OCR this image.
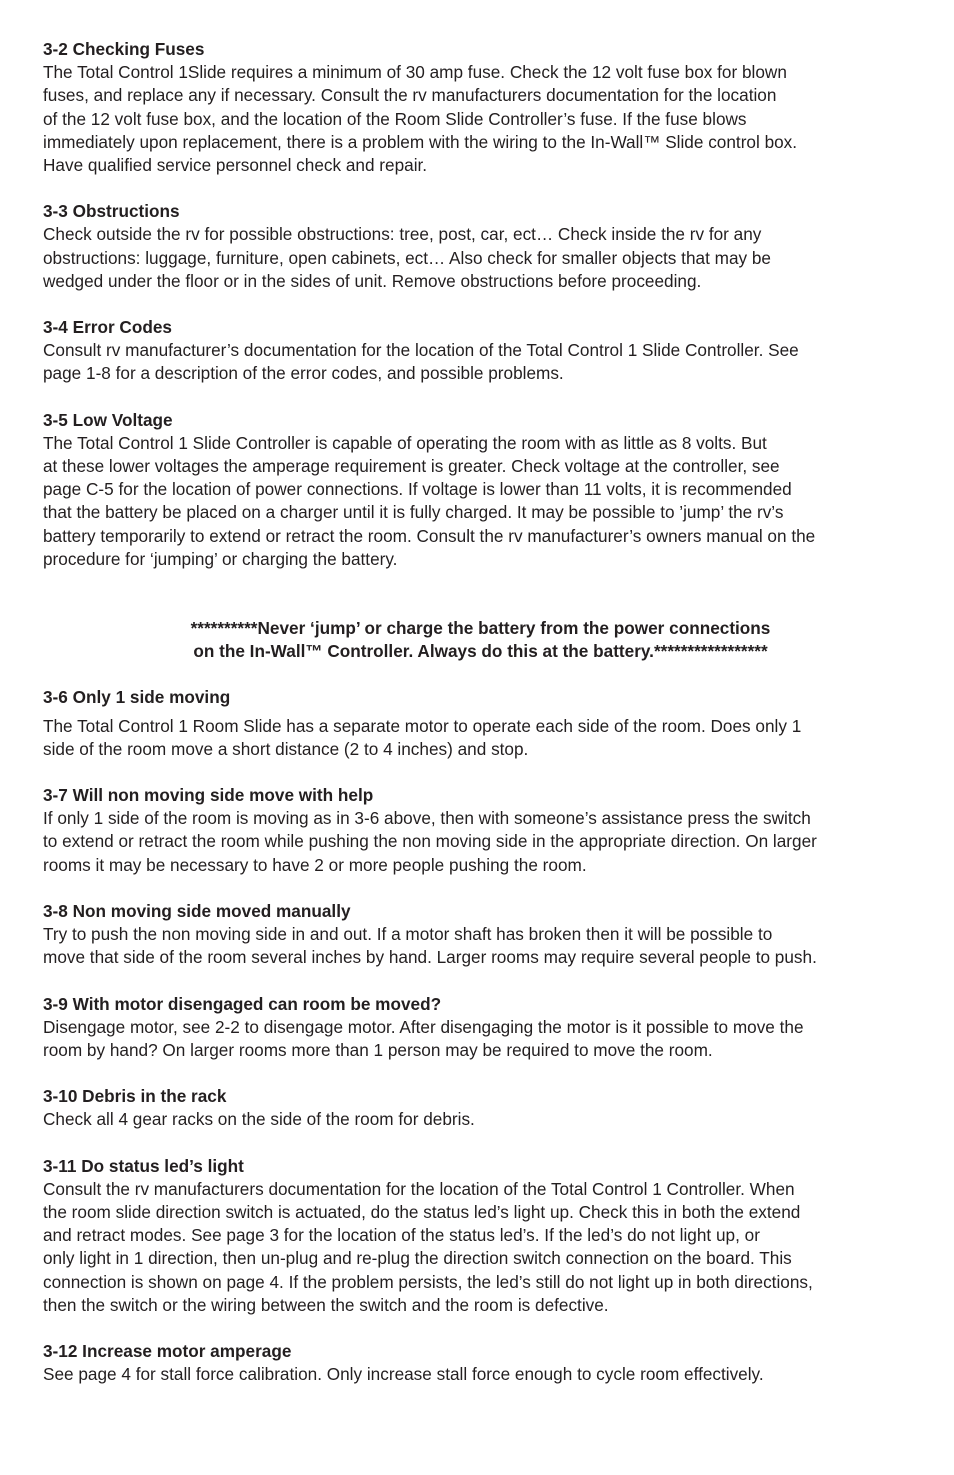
3-2 Checking Fuses

The Total Control 1Slide requires a minimum of 30 amp fuse. Check the 12 volt fuse box for blown
fuses, and replace any if necessary. Consult the rv manufacturers documentation for the location
of the 12 volt fuse box, and the location of the Room Slide Controller’s fuse. If the fuse blows
immediately upon replacement, there is a problem with the wiring to the In-Wall™ Slide control box.
Have qualified service personnel check and repair.

3-3 Obstructions

Check outside the rv for possible obstructions: tree, post, car, ect… Check inside the rv for any
obstructions: luggage, furniture, open cabinets, ect… Also check for smaller objects that may be
wedged under the floor or in the sides of unit. Remove obstructions before proceeding.

3-4 Error Codes

Consult rv manufacturer’s documentation for the location of the Total Control 1 Slide Controller. See
page 1-8 for a description of the error codes, and possible problems.

3-5 Low Voltage

The Total Control 1 Slide Controller is capable of operating the room with as little as 8 volts. But
at these lower voltages the amperage requirement is greater. Check voltage at the controller, see
page C-5 for the location of power connections. If voltage is lower than 11 volts, it is recommended
that the battery be placed on a charger until it is fully charged. It may be possible to ’jump’ the rv’s
battery temporarily to extend or retract the room. Consult the rv manufacturer’s owners manual on the
procedure for ‘jumping’ or charging the battery.

**********Never ‘jump’ or charge the battery from the power connections

on the In-Wall™ Controller. Always do this at the battery.*****************

3-6 Only 1 side moving

The Total Control 1 Room Slide has a separate motor to operate each side of the room. Does only 1
side of the room move a short distance (2 to 4 inches) and stop.

3-7 Will non moving side move with help

If only 1 side of the room is moving as in 3-6 above, then with someone’s assistance press the switch
to extend or retract the room while pushing the non moving side in the appropriate direction. On larger
rooms it may be necessary to have 2 or more people pushing the room.

3-8 Non moving side moved manually

Try to push the non moving side in and out. If a motor shaft has broken then it will be possible to
move that side of the room several inches by hand. Larger rooms may require several people to push.

3-9 With motor disengaged can room be moved?

Disengage motor, see 2-2 to disengage motor. After disengaging the motor is it possible to move the
room by hand? On larger rooms more than 1 person may be required to move the room.

3-10 Debris in the rack

Check all 4 gear racks on the side of the room for debris.

3-11 Do status led’s light

Consult the rv manufacturers documentation for the location of the Total Control 1 Controller. When
the room slide direction switch is actuated, do the status led’s light up. Check this in both the extend
and retract modes. See page 3 for the location of the status led’s. If the led’s do not light up, or
only light in 1 direction, then un-plug and re-plug the direction switch connection on the board. This
connection is shown on page 4. If the problem persists, the led’s still do not light up in both directions,
then the switch or the wiring between the switch and the room is defective.

3-12 Increase motor amperage

See page 4 for stall force calibration. Only increase stall force enough to cycle room effectively.
